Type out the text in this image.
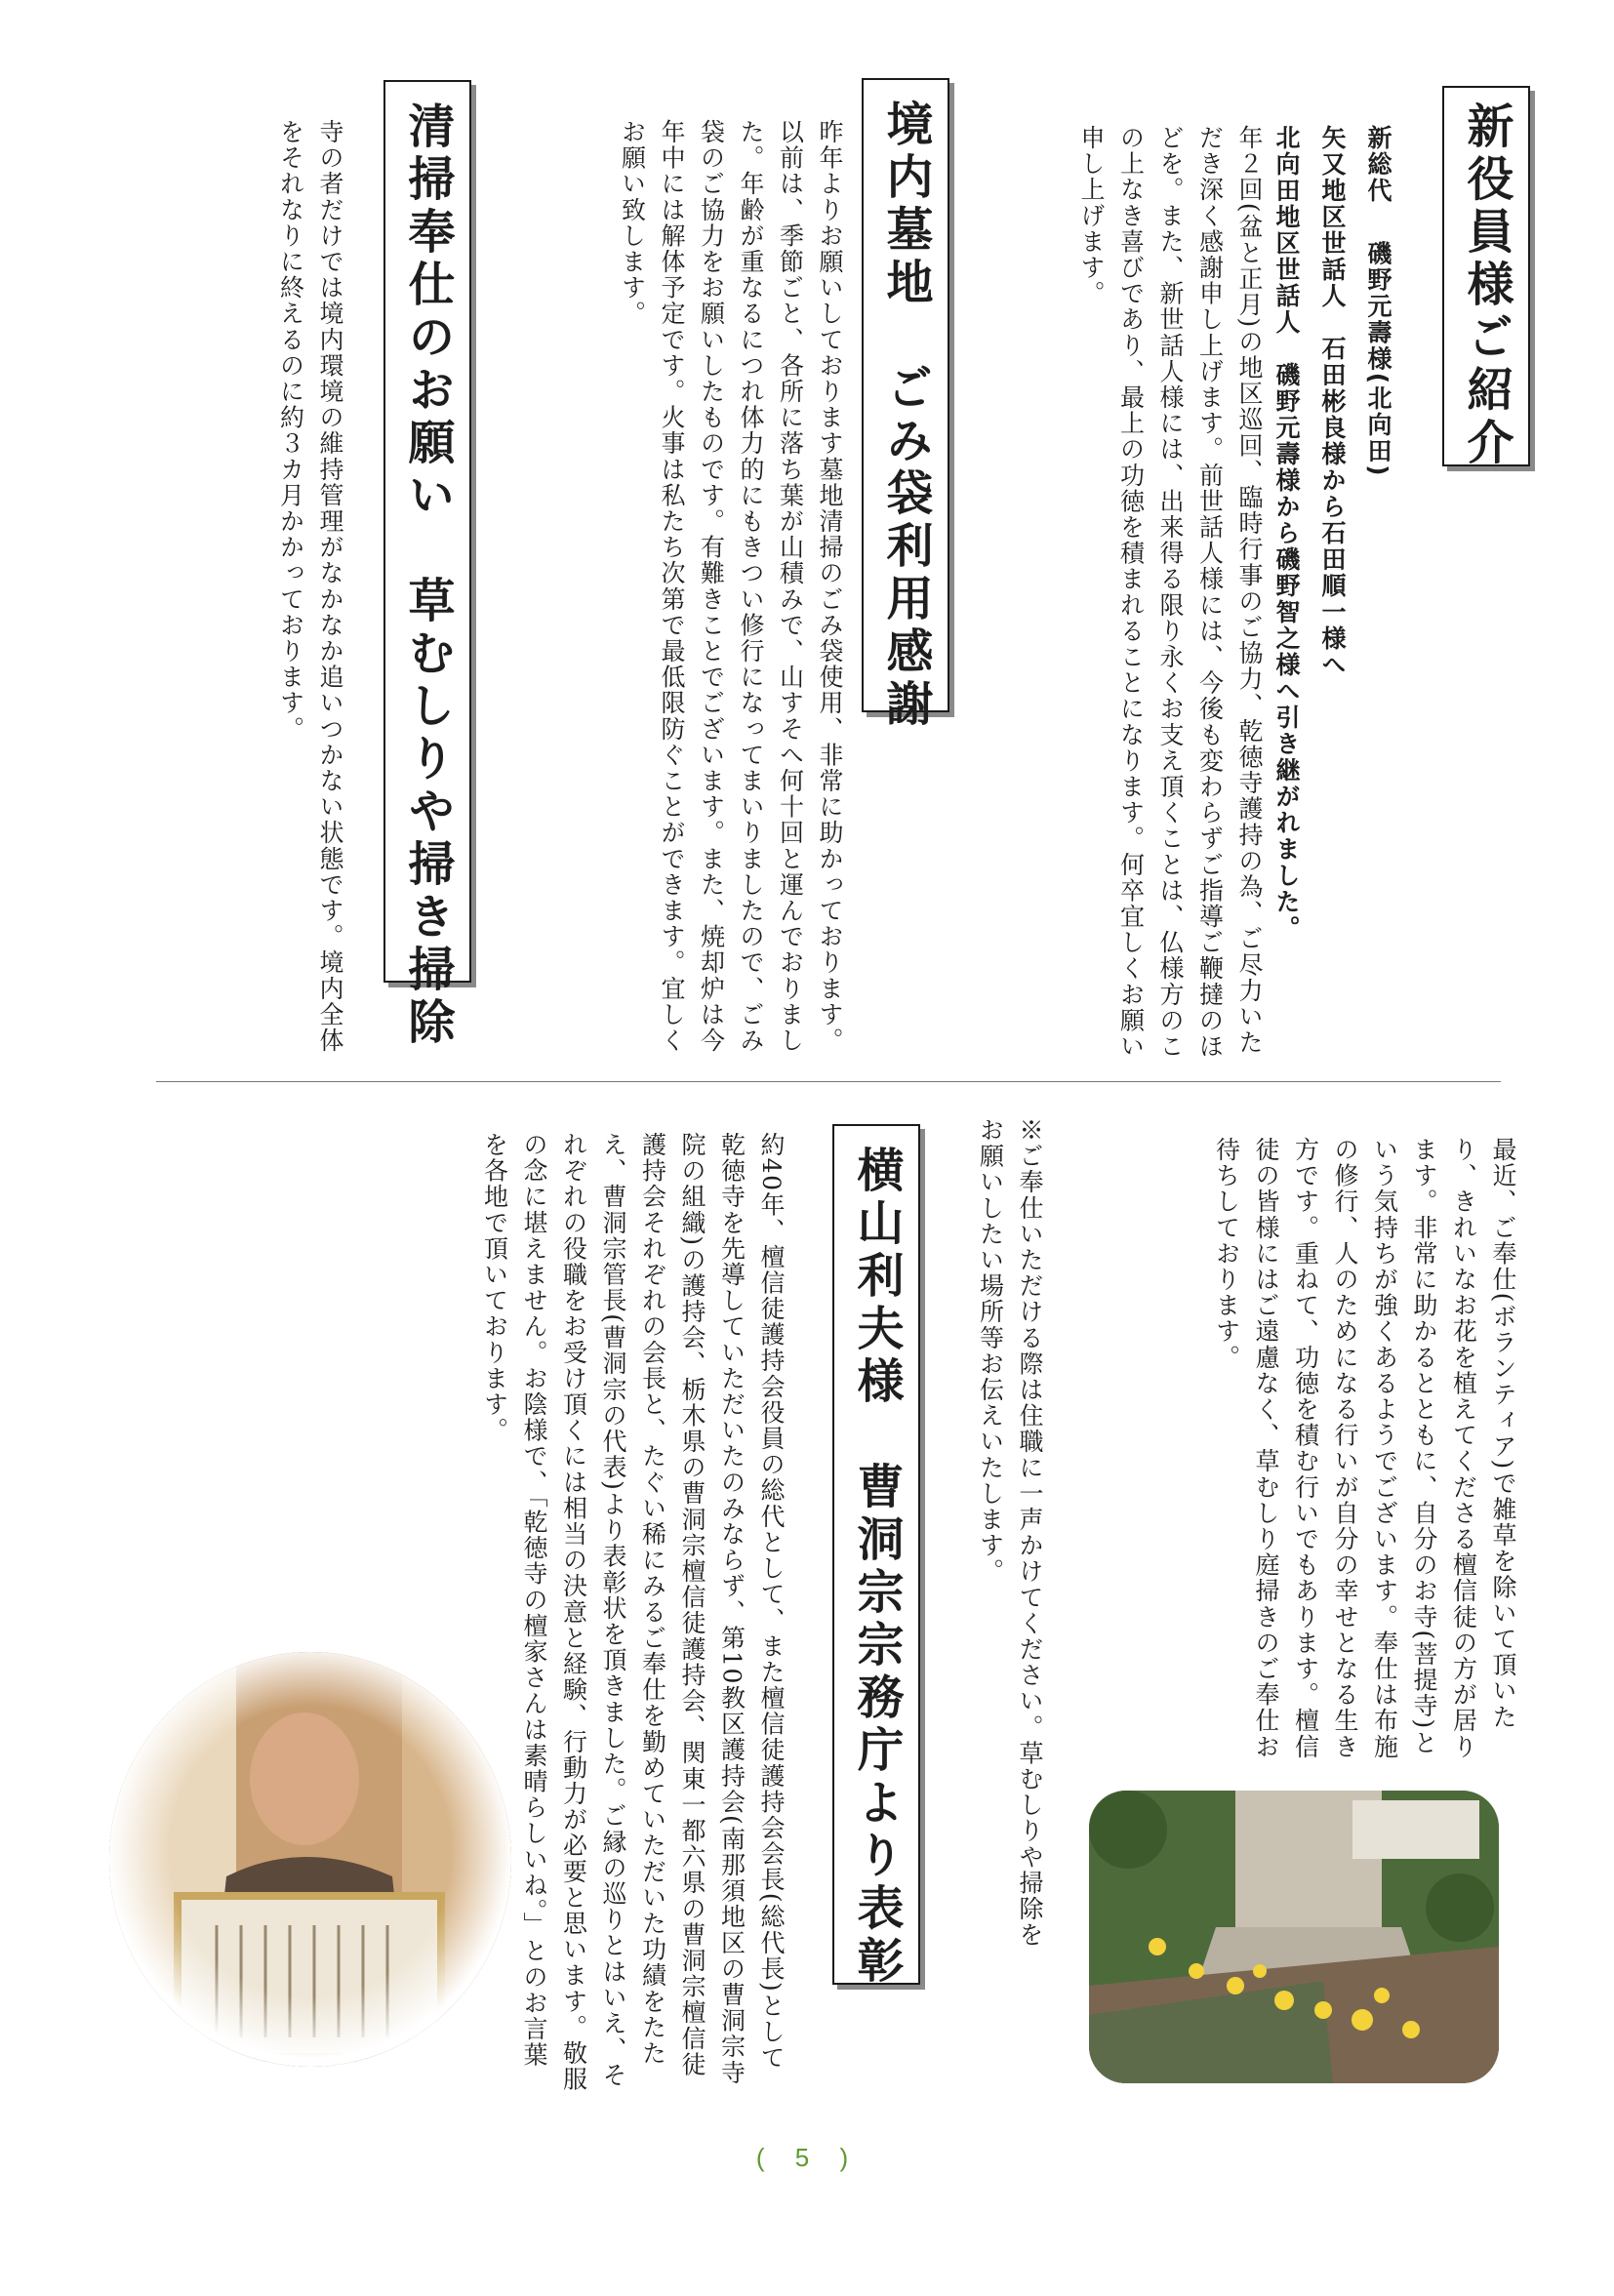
新役員様ご紹介
新総代　 磯野元壽様(北向田)
矢又地区世話人　石田彬良様から石田順一様へ
北向田地区世話人　磯野元壽様から磯野智之様へ引き継がれました。
年２回(盆と正月)の地区巡回、臨時行事のご協力、乾徳寺護持の為、ご尽力いただき深く感謝申し上げます。前世話人様には、今後も変わらずご指導ご鞭撻のほどを。また、新世話人様には、出来得る限り永くお支え頂くことは、仏様方のこの上なき喜びであり、最上の功徳を積まれることになります。何卒宜しくお願い申し上げます。
境内墓地　ごみ袋利用感謝
昨年よりお願いしております墓地清掃のごみ袋使用、非常に助かっております。以前は、季節ごと、各所に落ち葉が山積みで、山すそへ何十回と運んでおりました。年齢が重なるにつれ体力的にもきつい修行になってまいりましたので、ごみ袋のご協力をお願いしたものです。有難きことでございます。また、焼却炉は今年中には解体予定です。火事は私たち次第で最低限防ぐことができます。宜しくお願い致します。
清掃奉仕のお願い　草むしりや掃き掃除
寺の者だけでは境内環境の維持管理がなかなか追いつかない状態です。境内全体をそれなりに終えるのに約３カ月かかっております。
最近、ご奉仕(ボランティア)で雑草を除いて頂いたり、きれいなお花を植えてくださる檀信徒の方が居ります。非常に助かるとともに、自分のお寺(菩提寺)という気持ちが強くあるようでございます。奉仕は布施の修行、人のためになる行いが自分の幸せとなる生き方です。重ねて、功徳を積む行いでもあります。檀信徒の皆様にはご遠慮なく、草むしり庭掃きのご奉仕お待ちしております。
※ご奉仕いただける際は住職に一声かけてください。草むしりや掃除をお願いしたい場所等お伝えいたします。
横山利夫様　曹洞宗宗務庁より表彰
約40年、檀信徒護持会役員の総代として、また檀信徒護持会会長(総代長)として乾徳寺を先導していただいたのみならず、第10教区護持会(南那須地区の曹洞宗寺院の組織)の護持会、栃木県の曹洞宗檀信徒護持会、関東一都六県の曹洞宗檀信徒護持会それぞれの会長と、たぐい稀にみるご奉仕を勤めていただいた功績をたたえ、曹洞宗管長(曹洞宗の代表)より表彰状を頂きました。ご縁の巡りとはいえ、それぞれの役職をお受け頂くには相当の決意と経験、行動力が必要と思います。敬服の念に堪えません。お陰様で、「乾徳寺の檀家さんは素晴らしいね。」とのお言葉を各地で頂いております。
( 5 )
